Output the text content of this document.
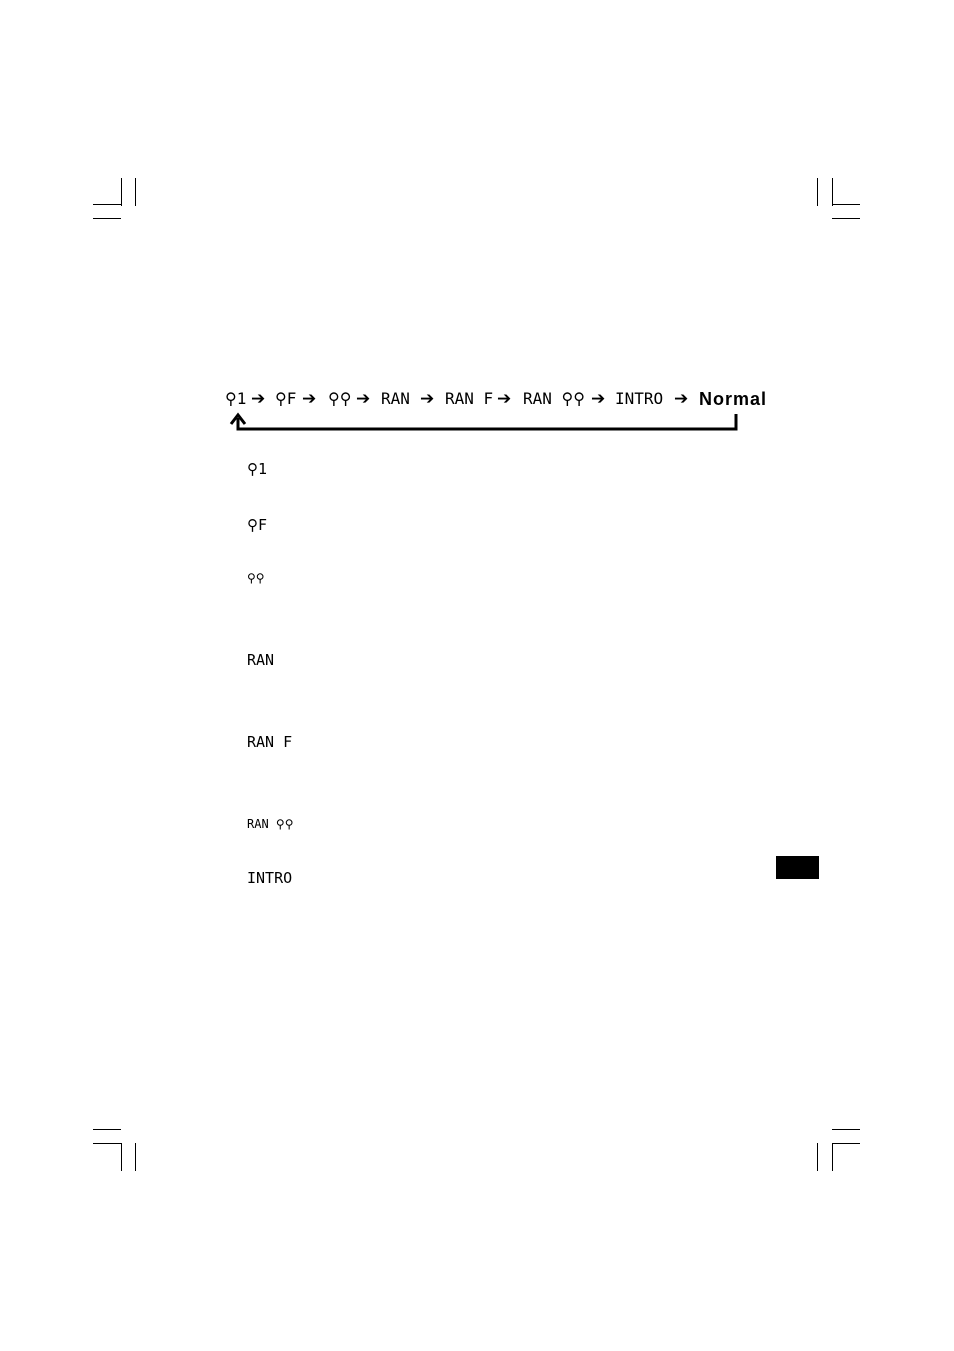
⚲1 ➔ ⚲F ➔ ⚲⚲ ➔ RAN ➔ RAN F ➔ RAN ⚲⚲ ➔ INTRO ➔ Normal
⚲1
⚲F
⚲⚲
RAN
RAN F
RAN ⚲⚲
INTRO
